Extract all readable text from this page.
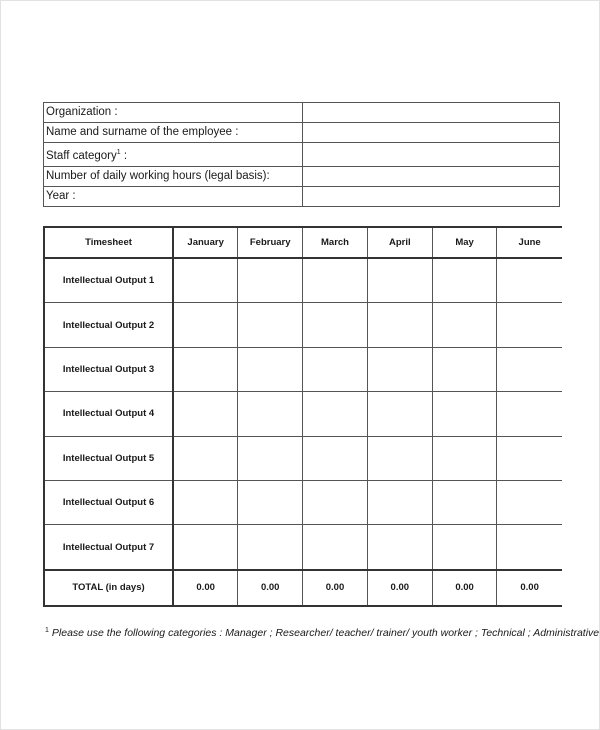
Organization :	
Name and surname of the employee :	
Staff category$^1$ :	
Number of daily working hours (legal basis):	
Year :	
Timesheet	January	February	March	April	May	June
Intellectual Output 1						
Intellectual Output 2						
Intellectual Output 3						
Intellectual Output 4						
Intellectual Output 5						
Intellectual Output 6						
Intellectual Output 7						
TOTAL (in days)	0.00	0.00	0.00	0.00	0.00	0.00
$^1$ Please use the following categories : Manager ; Researcher/ teacher/ trainer/ youth worker ; Technical ; Administrative
